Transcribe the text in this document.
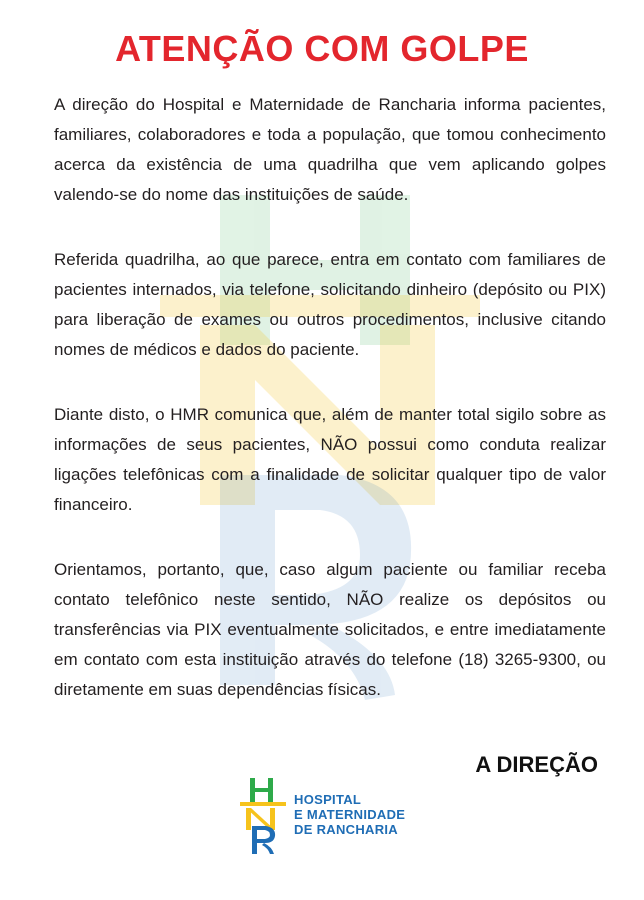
ATENÇÃO COM GOLPE

A direção do Hospital e Maternidade de Rancharia informa pacientes, familiares, colaboradores e toda a população, que tomou conhecimento acerca da existência de uma quadrilha que vem aplicando golpes valendo-se do nome das instituições de saúde.

Referida quadrilha, ao que parece, entra em contato com familiares de pacientes internados, via telefone, solicitando dinheiro (depósito ou PIX) para liberação de exames ou outros procedimentos, inclusive citando nomes de médicos e dados do paciente.

Diante disto, o HMR comunica que, além de manter total sigilo sobre as informações de seus pacientes, NÃO possui como conduta realizar ligações telefônicas com a finalidade de solicitar qualquer tipo de valor financeiro.

Orientamos, portanto, que, caso algum paciente ou familiar receba contato telefônico neste sentido, NÃO realize os depósitos ou transferências via PIX eventualmente solicitados, e entre imediatamente em contato com esta instituição através do telefone (18) 3265-9300, ou diretamente em suas dependências físicas.

A DIREÇÃO
HOSPITAL
E MATERNIDADE
DE RANCHARIA
